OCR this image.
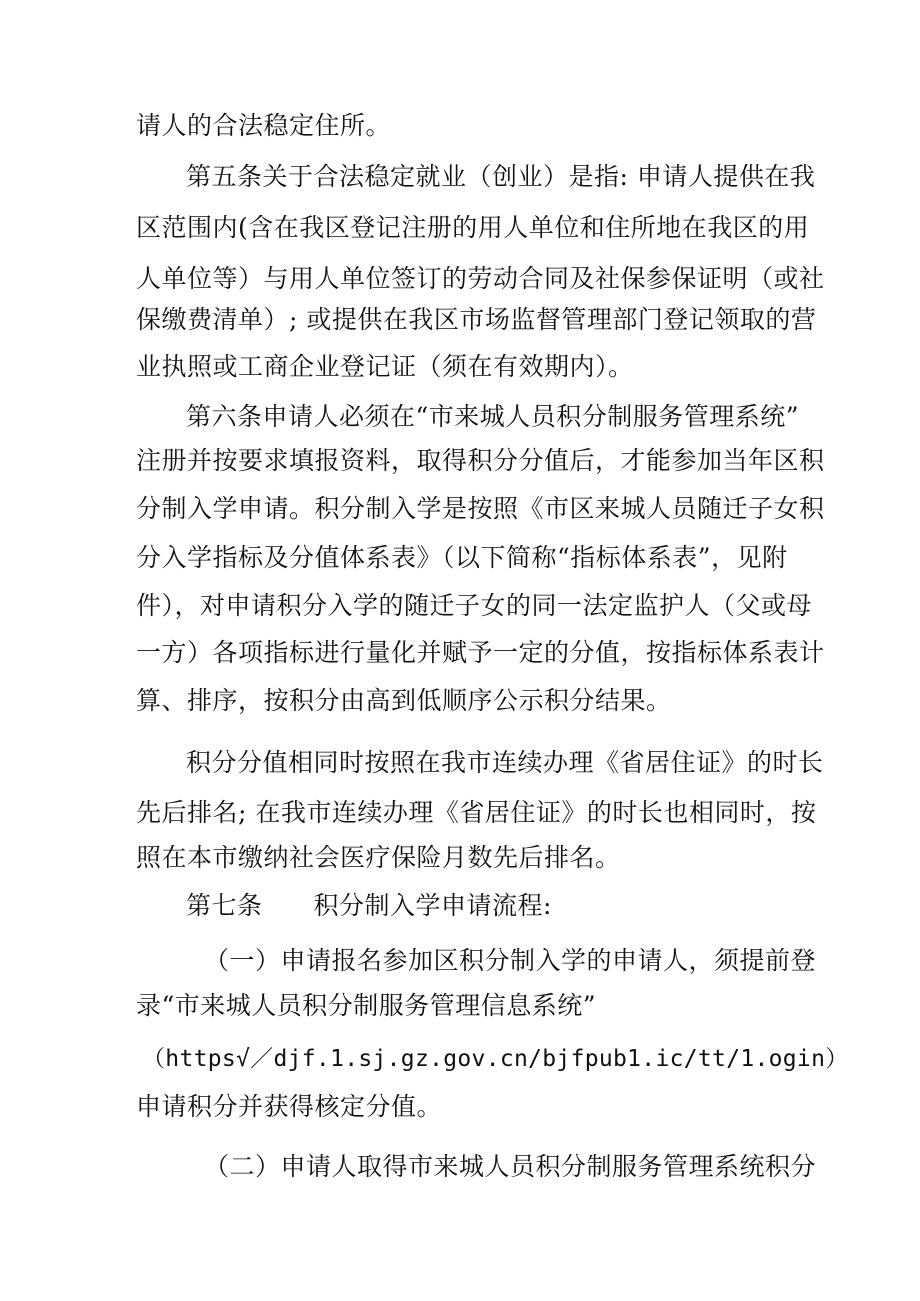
请人的合法稳定住所。
第五条关于合法稳定就业（创业）是指: 申请人提供在我
区范围内(含在我区登记注册的用人单位和住所地在我区的用
人单位等）与用人单位签订的劳动合同及社保参保证明（或社
保缴费清单）; 或提供在我区市场监督管理部门登记领取的营
业执照或工商企业登记证（须在有效期内）。
第六条申请人必须在“市来城人员积分制服务管理系统”
注册并按要求填报资料，取得积分分值后，才能参加当年区积
分制入学申请。积分制入学是按照《市区来城人员随迁子女积
分入学指标及分值体系表》（以下简称“指标体系表”，见附
件），对申请积分入学的随迁子女的同一法定监护人（父或母
一方）各项指标进行量化并赋予一定的分值，按指标体系表计
算、排序，按积分由高到低顺序公示积分结果。
积分分值相同时按照在我市连续办理《省居住证》的时长
先后排名; 在我市连续办理《省居住证》的时长也相同时，按
照在本市缴纳社会医疗保险月数先后排名。
第七条　　积分制入学申请流程:
（一）申请报名参加区积分制入学的申请人，须提前登
录“市来城人员积分制服务管理信息系统”
（https√／djf.1.sj.gz.gov.cn/bjfpub1.ic/tt/1.ogin）
申请积分并获得核定分值。
（二）申请人取得市来城人员积分制服务管理系统积分
